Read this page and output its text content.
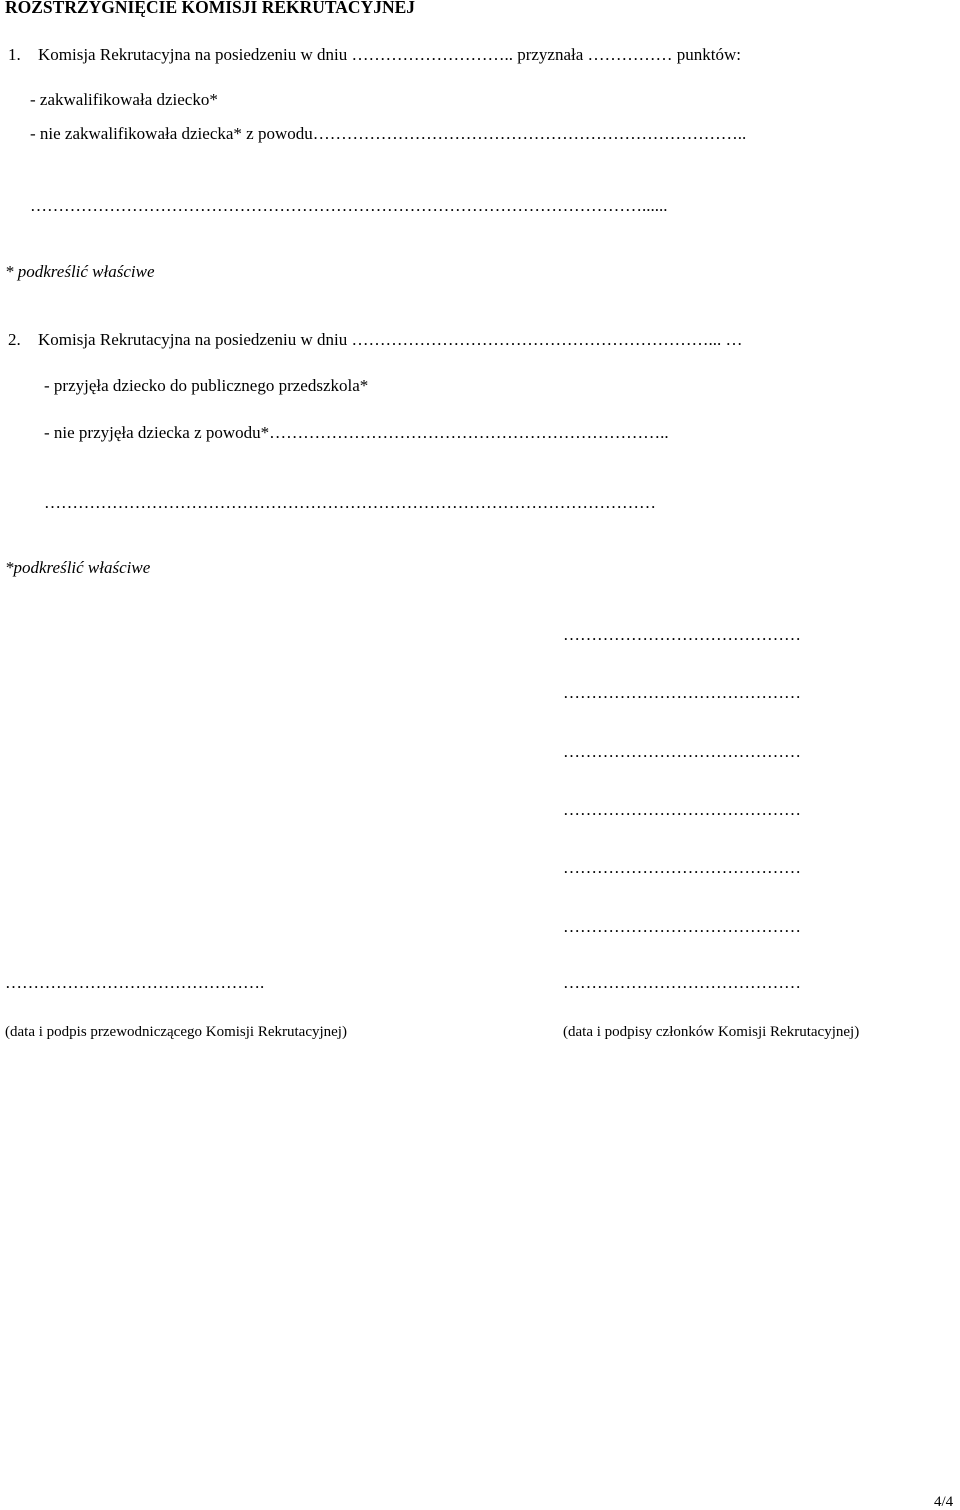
ROZSTRZYGNIĘCIE KOMISJI REKRUTACYJNEJ
1. Komisja Rekrutacyjna na posiedzeniu w dniu ……………………….. przyznała …………… punktów:
- zakwalifikowała dziecko*
- nie zakwalifikowała dziecka* z powodu…………………………………………………………………..
………………………………………………………………………………………………......
* podkreślić właściwe
2. Komisja Rekrutacyjna na posiedzeniu w dniu ………………………………………………………... …
- przyjęła dziecko do publicznego przedszkola*
- nie przyjęła dziecka z powodu*……………………………………………………………..
………………………………………………………………………………………………
*podkreślić właściwe
……………………………………
……………………………………
……………………………………
……………………………………
……………………………………
……………………………………
……………………………………
……………………………………….
(data i podpis przewodniczącego Komisji Rekrutacyjnej)	(data i podpisy członków Komisji Rekrutacyjnej)
4/4
